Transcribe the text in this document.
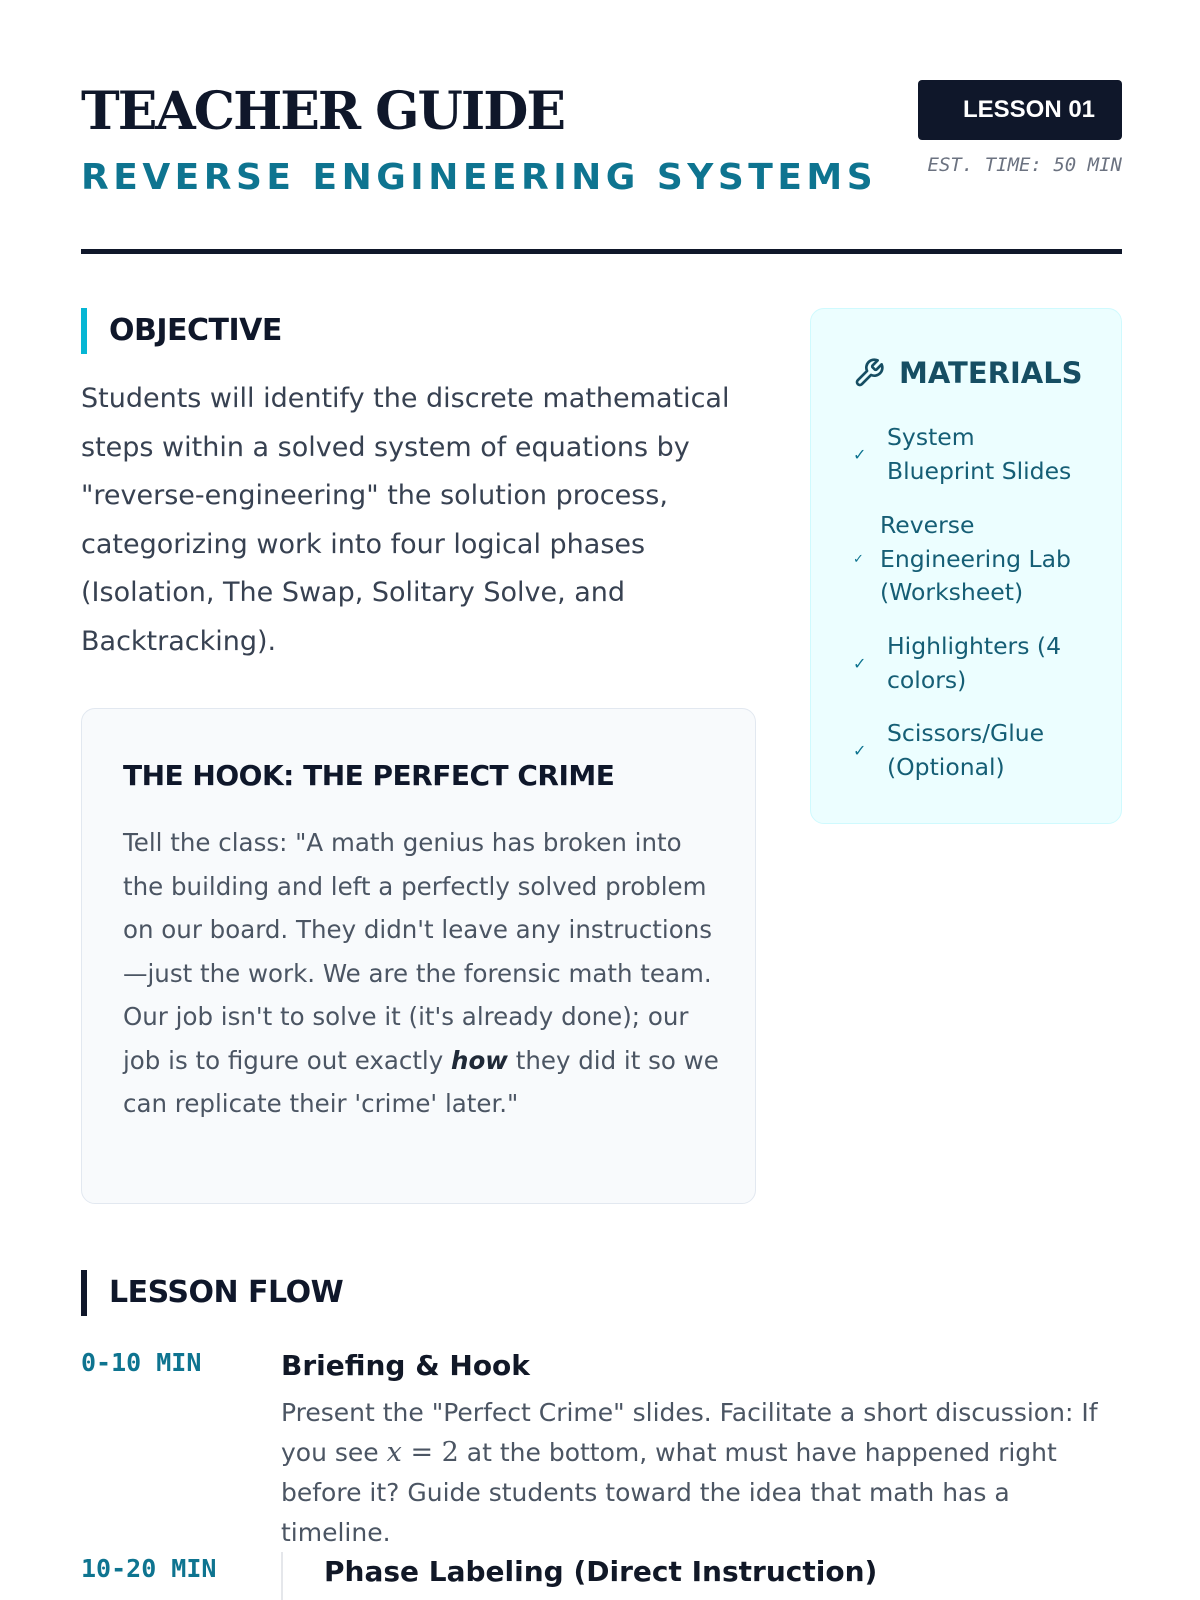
TEACHER GUIDE
REVERSE ENGINEERING SYSTEMS
LESSON 01
EST. TIME: 50 MIN
OBJECTIVE
Students will identify the discrete mathematical steps within a solved system of equations by "reverse-engineering" the solution process, categorizing work into four logical phases (Isolation, The Swap, Solitary Solve, and Backtracking).
THE HOOK: THE PERFECT CRIME
Tell the class: "A math genius has broken into the building and left a perfectly solved problem on our board. They didn't leave any instructions—just the work. We are the forensic math team. Our job isn't to solve it (it's already done); our job is to figure out exactly how they did it so we can replicate their 'crime' later."
MATERIALS
✓
System Blueprint Slides
✓
Reverse Engineering Lab (Worksheet)
✓
Highlighters (4 colors)
✓
Scissors/Glue (Optional)
LESSON FLOW
0-10 MIN	Briefing & Hook
Present the "Perfect Crime" slides. Facilitate a short discussion: If you see x = 2 at the bottom, what must have happened right before it? Guide students toward the idea that math has a timeline.
10-20 MIN	Phase Labeling (Direct Instruction)
